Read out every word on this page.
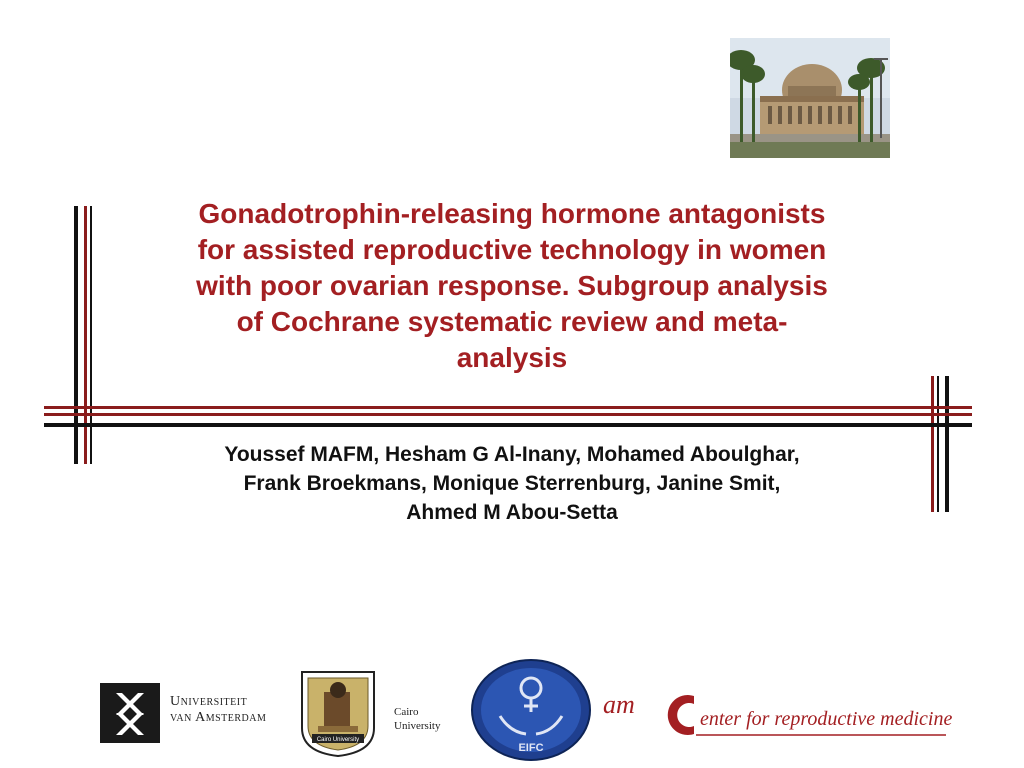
Gonadotrophin-releasing hormone antagonists
for assisted reproductive technology in women
with poor ovarian response. Subgroup analysis
of Cochrane systematic review and meta-
analysis
Youssef MAFM, Hesham G Al-Inany, Mohamed Aboulghar,
Frank Broekmans, Monique Sterrenburg, Janine Smit,
Ahmed M Abou-Setta
Universiteit
van Amsterdam
Cairo University
Cairo
University
EIFC
am	enter for reproductive medicine
